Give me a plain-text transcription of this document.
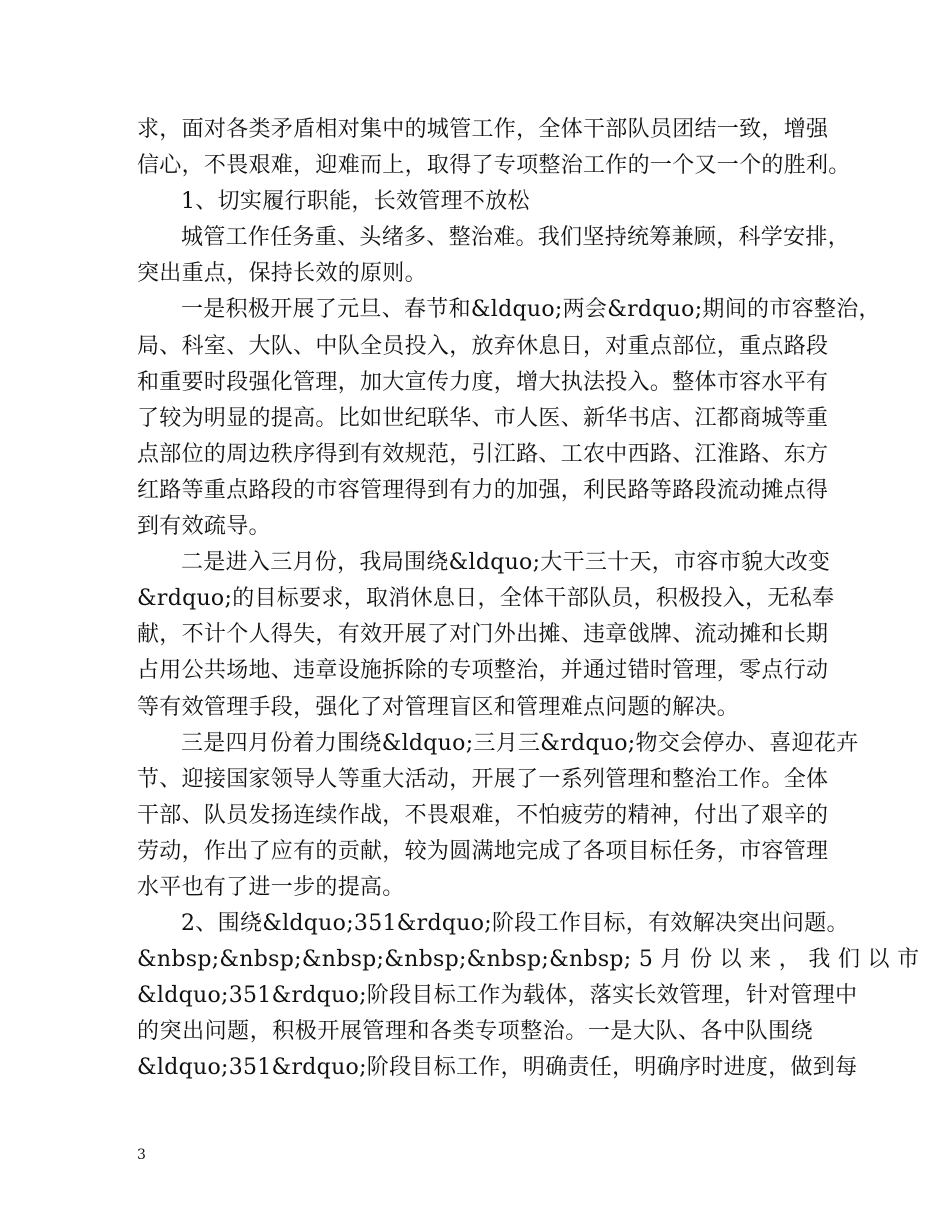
求，面对各类矛盾相对集中的城管工作，全体干部队员团结一致，增强
信心，不畏艰难，迎难而上，取得了专项整治工作的一个又一个的胜利。
1、切实履行职能，长效管理不放松
城管工作任务重、头绪多、整治难。我们坚持统筹兼顾，科学安排，
突出重点，保持长效的原则。
一是积极开展了元旦、春节和&ldquo;两会&rdquo;期间的市容整治，
局、科室、大队、中队全员投入，放弃休息日，对重点部位，重点路段
和重要时段强化管理，加大宣传力度，增大执法投入。整体市容水平有
了较为明显的提高。比如世纪联华、市人医、新华书店、江都商城等重
点部位的周边秩序得到有效规范，引江路、工农中西路、江淮路、东方
红路等重点路段的市容管理得到有力的加强，利民路等路段流动摊点得
到有效疏导。
二是进入三月份，我局围绕&ldquo;大干三十天，市容市貌大改变
&rdquo;的目标要求，取消休息日，全体干部队员，积极投入，无私奉
献，不计个人得失，有效开展了对门外出摊、违章戗牌、流动摊和长期
占用公共场地、违章设施拆除的专项整治，并通过错时管理，零点行动
等有效管理手段，强化了对管理盲区和管理难点问题的解决。
三是四月份着力围绕&ldquo;三月三&rdquo;物交会停办、喜迎花卉
节、迎接国家领导人等重大活动，开展了一系列管理和整治工作。全体
干部、队员发扬连续作战，不畏艰难，不怕疲劳的精神，付出了艰辛的
劳动，作出了应有的贡献，较为圆满地完成了各项目标任务，市容管理
水平也有了进一步的提高。
2、围绕&ldquo;351&rdquo;阶段工作目标，有效解决突出问题。
&nbsp;&nbsp;&nbsp;&nbsp;&nbsp;&nbsp; 5 月 份 以 来 ， 我 们 以 市
&ldquo;351&rdquo;阶段目标工作为载体，落实长效管理，针对管理中
的突出问题，积极开展管理和各类专项整治。一是大队、各中队围绕
&ldquo;351&rdquo;阶段目标工作，明确责任，明确序时进度，做到每
3
